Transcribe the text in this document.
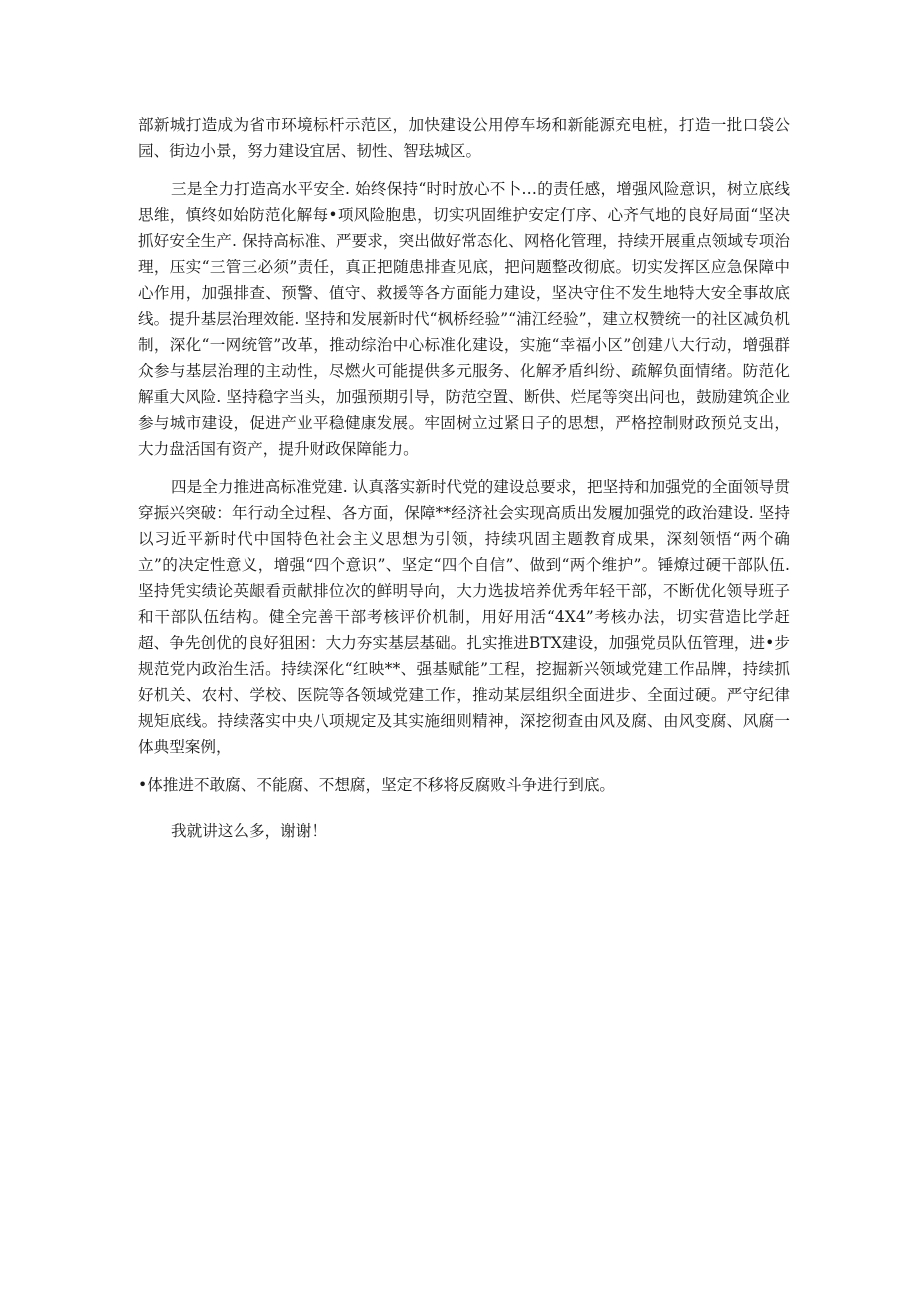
部新城打造成为省市环境标杆示范区，加快建设公用停车场和新能源充电桩，打造一批口袋公园、街边小景，努力建设宜居、韧性、智珐城区。

三是全力打造高水平安全. 始终保持“时时放心不卜…的责任感，增强风险意识，树立底线思维，慎终如始防范化解每•项风险胞患，切实巩固维护安定仃序、心齐气地的良好局面“坚决抓好安全生产. 保持高标准、严要求，突出做好常态化、网格化管理，持续开展重点领域专项治理，压实“三管三必须”责任，真正把随患排查见底，把问题整改彻底。切实发挥区应急保障中心作用，加强排查、预警、值守、救援等各方面能力建设，坚决守住不发生地特大安全事故底线。提升基层治理效能. 坚持和发展新时代“枫桥经验”“浦江经验”，建立权赞统一的社区减负机制，深化“一网统管”改革，推动综治中心标准化建设，实施“幸福小区”创建八大行动，增强群众参与基层治理的主动性，尽燃火可能提供多元服务、化解矛盾纠纷、疏解负面情绪。防范化解重大风险. 坚持稳字当头，加强预期引导，防范空置、断供、烂尾等突出问也，鼓励建筑企业参与城市建设，促进产业平稳健康发展。牢固树立过紧日子的思想，严格控制财政预兑支出，大力盘活国有资产，提升财政保障能力。

四是全力推进高标准党建. 认真落实新时代党的建设总要求，把坚持和加强党的全面领导贯穿振兴突破：年行动全过程、各方面，保障**经济社会实现高质出发履加强党的政治建设. 坚持以习近平新时代中国特色社会主义思想为引领，持续巩固主题教育成果，深刻领悟“两个确立”的决定性意义，增强“四个意识”、坚定“四个自信”、做到“两个维护”。锤燎过硬干部队伍. 坚持凭实绩论英龈看贡献排位次的鲜明导向，大力选拔培养优秀年轻干部，不断优化领导班子和干部队伍结构。健全完善干部考核评价机制，用好用活“4X4”考核办法，切实营造比学赶超、争先创优的良好狙困：大力夯实基层基础。扎实推进BTX建设，加强党员队伍管理，进•步规范党内政治生活。持续深化“红映**、强基赋能”工程，挖掘新兴领域党建工作品牌，持续抓好机关、农村、学校、医院等各领域党建工作，推动某层组织全面进步、全面过硬。严守纪律规矩底线。持续落实中央八项规定及其实施细则精神，深挖彻查由风及腐、由风变腐、风腐一体典型案例，

•体推进不敢腐、不能腐、不想腐，坚定不移将反腐败斗争进行到底。

我就讲这么多，谢谢！
